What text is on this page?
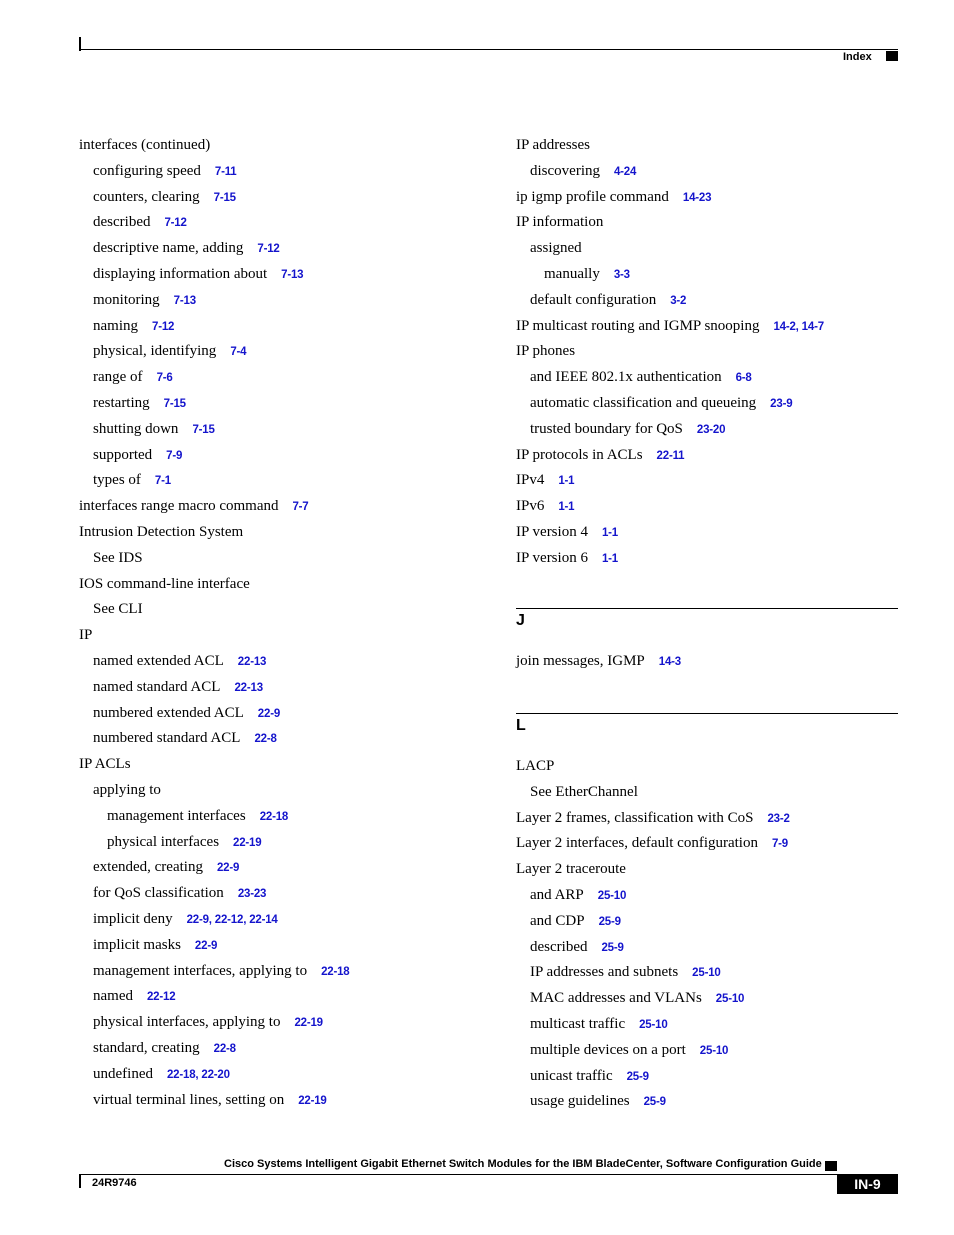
Index
interfaces (continued)
configuring speed 7-11
counters, clearing 7-15
described 7-12
descriptive name, adding 7-12
displaying information about 7-13
monitoring 7-13
naming 7-12
physical, identifying 7-4
range of 7-6
restarting 7-15
shutting down 7-15
supported 7-9
types of 7-1
interfaces range macro command 7-7
Intrusion Detection System
See IDS
IOS command-line interface
See CLI
IP
named extended ACL 22-13
named standard ACL 22-13
numbered extended ACL 22-9
numbered standard ACL 22-8
IP ACLs
applying to
management interfaces 22-18
physical interfaces 22-19
extended, creating 22-9
for QoS classification 23-23
implicit deny 22-9, 22-12, 22-14
implicit masks 22-9
management interfaces, applying to 22-18
named 22-12
physical interfaces, applying to 22-19
standard, creating 22-8
undefined 22-18, 22-20
virtual terminal lines, setting on 22-19
IP addresses
discovering 4-24
ip igmp profile command 14-23
IP information
assigned
manually 3-3
default configuration 3-2
IP multicast routing and IGMP snooping 14-2, 14-7
IP phones
and IEEE 802.1x authentication 6-8
automatic classification and queueing 23-9
trusted boundary for QoS 23-20
IP protocols in ACLs 22-11
IPv4 1-1
IPv6 1-1
IP version 4 1-1
IP version 6 1-1
J
join messages, IGMP 14-3
L
LACP
See EtherChannel
Layer 2 frames, classification with CoS 23-2
Layer 2 interfaces, default configuration 7-9
Layer 2 traceroute
and ARP 25-10
and CDP 25-9
described 25-9
IP addresses and subnets 25-10
MAC addresses and VLANs 25-10
multicast traffic 25-10
multiple devices on a port 25-10
unicast traffic 25-9
usage guidelines 25-9
Cisco Systems Intelligent Gigabit Ethernet Switch Modules for the IBM BladeCenter, Software Configuration Guide
24R9746	IN-9
